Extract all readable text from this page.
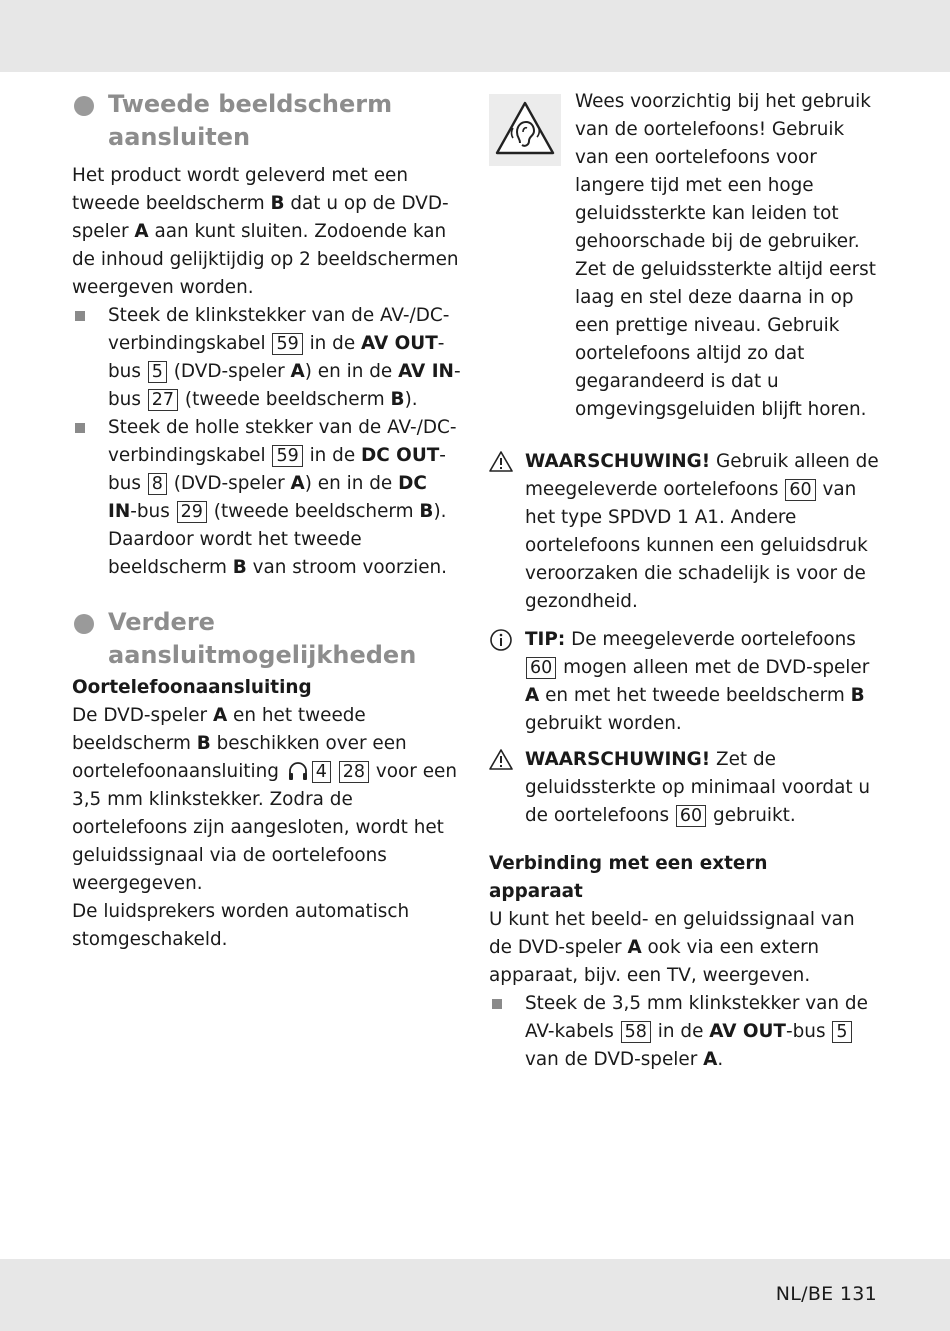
Tweede beeldscherm
aansluiten

Het product wordt geleverd met een tweede beeldscherm B dat u op de DVD-speler A aan kunt sluiten. Zodoende kan de inhoud gelijktijdig op 2 beeldschermen weergeven worden.

Steek de klinkstekker van de AV-/DC-verbindingskabel 59 in de AV OUT-bus 5 (DVD-speler A) en in de AV IN-bus 27 (tweede beeldscherm B).

Steek de holle stekker van de AV-/DC-verbindingskabel 59 in de DC OUT-bus 8 (DVD-speler A) en in de DC IN-bus 29 (tweede beeldscherm B). Daardoor wordt het tweede beeldscherm B van stroom voorzien.

Verdere
aansluitmogelijkheden
Oortelefoonaansluiting

De DVD-speler A en het tweede beeldscherm B beschikken over een oortelefoonaansluiting 4 28 voor een 3,5 mm klinkstekker. Zodra de oortelefoons zijn aangesloten, wordt het geluidssignaal via de oortelefoons weergegeven.

De luidsprekers worden automatisch stomgeschakeld.

Wees voorzichtig bij het gebruik van de oortelefoons! Gebruik van een oortelefoons voor langere tijd met een hoge geluidssterkte kan leiden tot gehoorschade bij de gebruiker. Zet de geluidssterkte altijd eerst laag en stel deze daarna in op een prettige niveau. Gebruik oortelefoons altijd zo dat gegarandeerd is dat u omgevingsgeluiden blijft horen.

WAARSCHUWING! Gebruik alleen de meegeleverde oortelefoons 60 van het type SPDVD 1 A1. Andere oortelefoons kunnen een geluidsdruk veroorzaken die schadelijk is voor de gezondheid.

TIP: De meegeleverde oortelefoons 60 mogen alleen met de DVD-speler A en met het tweede beeldscherm B gebruikt worden.

WAARSCHUWING! Zet de geluidssterkte op minimaal voordat u de oortelefoons 60 gebruikt.

Verbinding met een extern apparaat

U kunt het beeld- en geluidssignaal van de DVD-speler A ook via een extern apparaat, bijv. een TV, weergeven.

Steek de 3,5 mm klinkstekker van de AV-kabels 58 in de AV OUT-bus 5 van de DVD-speler A.

NL/BE 131
